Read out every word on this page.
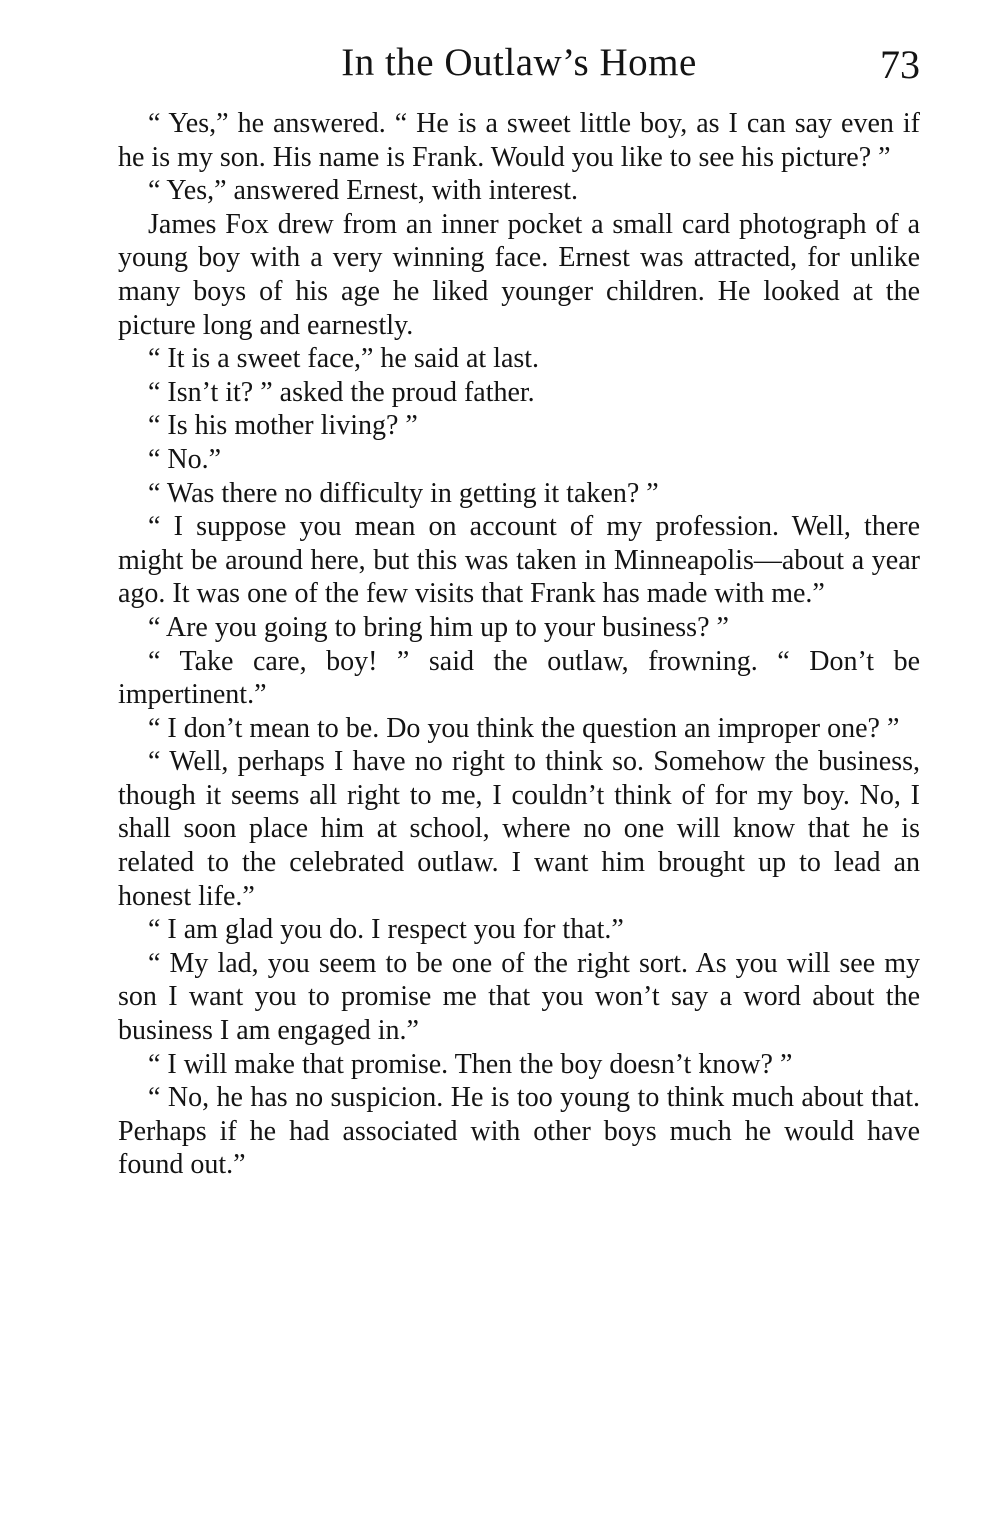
In the Outlaw’s Home	73

“ Yes,” he answered. “ He is a sweet little boy, as I can say even if he is my son. His name is Frank. Would you like to see his picture? ”

“ Yes,” answered Ernest, with interest.

James Fox drew from an inner pocket a small card photograph of a young boy with a very winning face. Ernest was attracted, for unlike many boys of his age he liked younger children. He looked at the picture long and earnestly.

“ It is a sweet face,” he said at last.

“ Isn’t it? ” asked the proud father.

“ Is his mother living? ”

“ No.”

“ Was there no difficulty in getting it taken? ”

“ I suppose you mean on account of my profession. Well, there might be around here, but this was taken in Minneapolis—about a year ago. It was one of the few visits that Frank has made with me.”

“ Are you going to bring him up to your business? ”

“ Take care, boy! ” said the outlaw, frowning. “ Don’t be impertinent.”

“ I don’t mean to be. Do you think the question an improper one? ”

“ Well, perhaps I have no right to think so. Somehow the business, though it seems all right to me, I couldn’t think of for my boy. No, I shall soon place him at school, where no one will know that he is related to the celebrated outlaw. I want him brought up to lead an honest life.”

“ I am glad you do. I respect you for that.”

“ My lad, you seem to be one of the right sort. As you will see my son I want you to promise me that you won’t say a word about the business I am engaged in.”

“ I will make that promise. Then the boy doesn’t know? ”

“ No, he has no suspicion. He is too young to think much about that. Perhaps if he had associated with other boys much he would have found out.”
